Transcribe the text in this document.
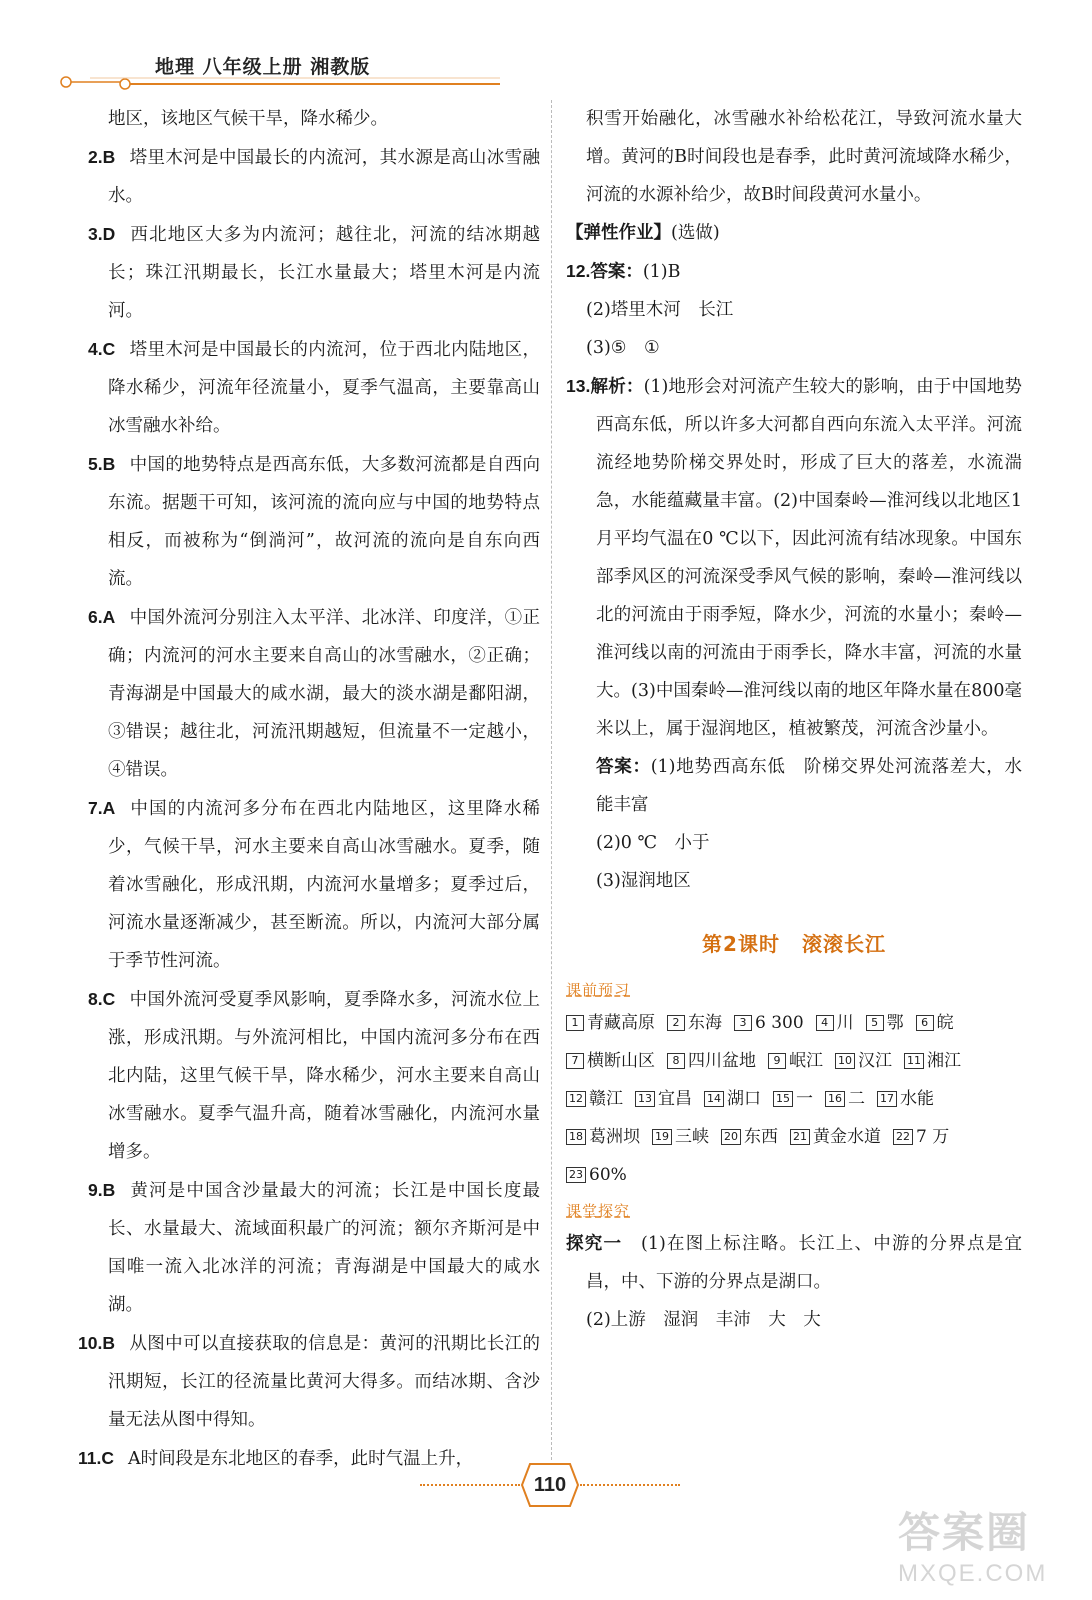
地理 八年级上册 湘教版

地区，该地区气候干旱，降水稀少。

2.B 塔里木河是中国最长的内流河，其水源是高山冰雪融水。

3.D 西北地区大多为内流河；越往北，河流的结冰期越长；珠江汛期最长，长江水量最大；塔里木河是内流河。

4.C 塔里木河是中国最长的内流河，位于西北内陆地区，降水稀少，河流年径流量小，夏季气温高，主要靠高山冰雪融水补给。

5.B 中国的地势特点是西高东低，大多数河流都是自西向东流。据题干可知，该河流的流向应与中国的地势特点相反，而被称为“倒淌河”，故河流的流向是自东向西流。

6.A 中国外流河分别注入太平洋、北冰洋、印度洋，①正确；内流河的河水主要来自高山的冰雪融水，②正确；青海湖是中国最大的咸水湖，最大的淡水湖是鄱阳湖，③错误；越往北，河流汛期越短，但流量不一定越小，④错误。

7.A 中国的内流河多分布在西北内陆地区，这里降水稀少，气候干旱，河水主要来自高山冰雪融水。夏季，随着冰雪融化，形成汛期，内流河水量增多；夏季过后，河流水量逐渐减少，甚至断流。所以，内流河大部分属于季节性河流。

8.C 中国外流河受夏季风影响，夏季降水多，河流水位上涨，形成汛期。与外流河相比，中国内流河多分布在西北内陆，这里气候干旱，降水稀少，河水主要来自高山冰雪融水。夏季气温升高，随着冰雪融化，内流河水量增多。

9.B 黄河是中国含沙量最大的河流；长江是中国长度最长、水量最大、流域面积最广的河流；额尔齐斯河是中国唯一流入北冰洋的河流；青海湖是中国最大的咸水湖。

10.B 从图中可以直接获取的信息是：黄河的汛期比长江的汛期短，长江的径流量比黄河大得多。而结冰期、含沙量无法从图中得知。

11.C A时间段是东北地区的春季，此时气温上升，

积雪开始融化，冰雪融水补给松花江，导致河流水量大增。黄河的B时间段也是春季，此时黄河流域降水稀少，河流的水源补给少，故B时间段黄河水量小。

【弹性作业】(选做)

12.答案：(1)B

(2)塔里木河　长江

(3)⑤　①

13.解析：(1)地形会对河流产生较大的影响，由于中国地势西高东低，所以许多大河都自西向东流入太平洋。河流流经地势阶梯交界处时，形成了巨大的落差，水流湍急，水能蕴藏量丰富。(2)中国秦岭—淮河线以北地区1月平均气温在0 ℃以下，因此河流有结冰现象。中国东部季风区的河流深受季风气候的影响，秦岭—淮河线以北的河流由于雨季短，降水少，河流的水量小；秦岭—淮河线以南的河流由于雨季长，降水丰富，河流的水量大。(3)中国秦岭—淮河线以南的地区年降水量在800毫米以上，属于湿润地区，植被繁茂，河流含沙量小。

答案：(1)地势西高东低　阶梯交界处河流落差大，水能丰富

(2)0 ℃　小于

(3)湿润地区

第2课时 滚滚长江
课前预习
1 青藏高原 2 东海 3 6 300 4 川 5 鄂 6 皖
7 横断山区 8 四川盆地 9 岷江 10 汉江 11 湘江
12 赣江 13 宜昌 14 湖口 15 一 16 二 17 水能
18 葛洲坝 19 三峡 20 东西 21 黄金水道 22 7 万
23 60%
课堂探究

探究一　 (1)在图上标注略。长江上、中游的分界点是宜昌，中、下游的分界点是湖口。

(2)上游　湿润　丰沛　大　大

110
答案圈
MXQE.COM
